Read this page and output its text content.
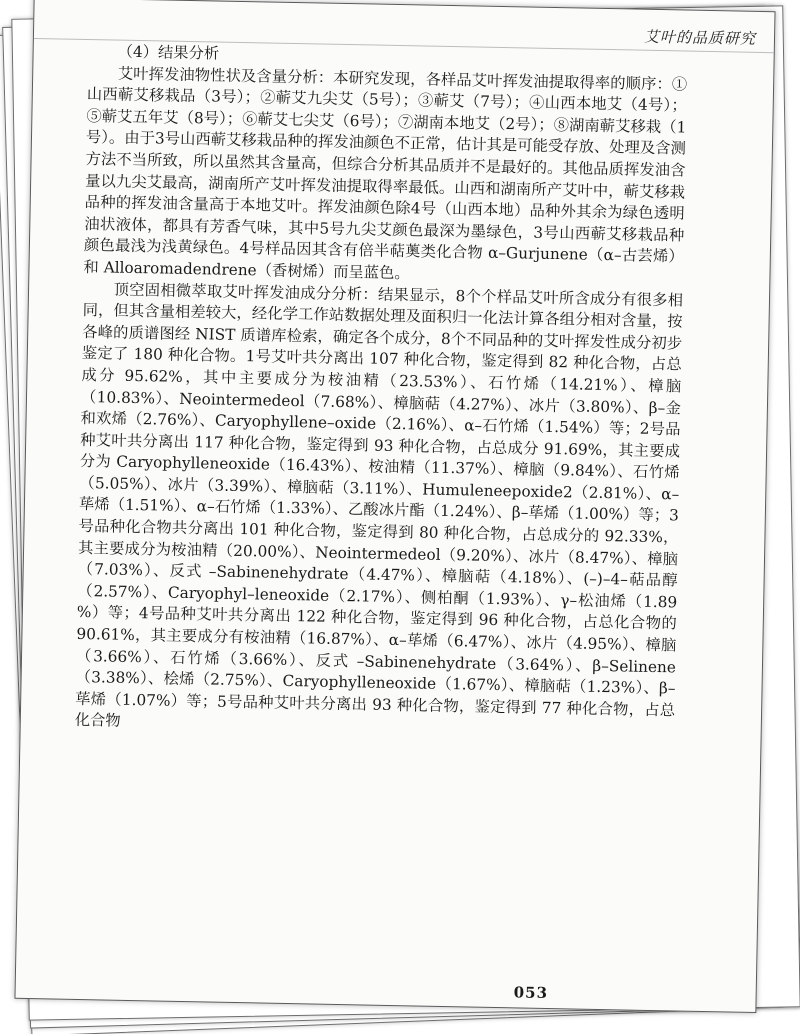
艾叶的品质研究
（4）结果分析

艾叶挥发油物性状及含量分析：本研究发现，各样品艾叶挥发油提取得率的顺序：①山西蕲艾移栽品（3号）；②蕲艾九尖艾（5号）；③蕲艾（7号）；④山西本地艾（4号）；⑤蕲艾五年艾（8号）；⑥蕲艾七尖艾（6号）；⑦湖南本地艾（2号）；⑧湖南蕲艾移栽（1号）。由于3号山西蕲艾移栽品种的挥发油颜色不正常，估计其是可能受存放、处理及含测方法不当所致，所以虽然其含量高，但综合分析其品质并不是最好的。其他品质挥发油含量以九尖艾最高，湖南所产艾叶挥发油提取得率最低。山西和湖南所产艾叶中，蕲艾移栽品种的挥发油含量高于本地艾叶。挥发油颜色除4号（山西本地）品种外其余为绿色透明油状液体，都具有芳香气味，其中5号九尖艾颜色最深为墨绿色，3号山西蕲艾移栽品种颜色最浅为浅黄绿色。4号样品因其含有倍半萜薁类化合物 α–Gurjunene（α–古芸烯）和 Alloaromadendrene（香树烯）而呈蓝色。

顶空固相微萃取艾叶挥发油成分分析：结果显示，8个个样品艾叶所含成分有很多相同，但其含量相差较大，经化学工作站数据处理及面积归一化法计算各组分相对含量，按各峰的质谱图经 NIST 质谱库检索，确定各个成分，8个不同品种的艾叶挥发性成分初步鉴定了 180 种化合物。1号艾叶共分离出 107 种化合物，鉴定得到 82 种化合物，占总成分 95.62%，其中主要成分为桉油精（23.53%）、石竹烯（14.21%）、樟脑（10.83%）、Neointermedeol（7.68%）、樟脑萜（4.27%）、冰片（3.80%）、β–金和欢烯（2.76%）、Caryophyllene–oxide（2.16%）、α–石竹烯（1.54%）等；2号品种艾叶共分离出 117 种化合物，鉴定得到 93 种化合物，占总成分 91.69%，其主要成分为 Caryophylleneoxide（16.43%）、桉油精（11.37%）、樟脑（9.84%）、石竹烯（5.05%）、冰片（3.39%）、樟脑萜（3.11%）、Humuleneepoxide2（2.81%）、α–荜烯（1.51%）、α–石竹烯（1.33%）、乙酸冰片酯（1.24%）、β–荜烯（1.00%）等；3号品种化合物共分离出 101 种化合物，鉴定得到 80 种化合物，占总成分的 92.33%，其主要成分为桉油精（20.00%）、Neointermedeol（9.20%）、冰片（8.47%）、樟脑（7.03%）、反式 –Sabinenehydrate（4.47%）、樟脑萜（4.18%）、(–)–4–萜品醇（2.57%）、Caryophyl–leneoxide（2.17%）、侧柏酮（1.93%）、γ–松油烯（1.89 %）等；4号品种艾叶共分离出 122 种化合物，鉴定得到 96 种化合物，占总化合物的 90.61%，其主要成分有桉油精（16.87%）、α–荜烯（6.47%）、冰片（4.95%）、樟脑（3.66%）、石竹烯（3.66%）、反式 –Sabinenehydrate（3.64%）、β–Selinene（3.38%）、桧烯（2.75%）、Caryophylleneoxide（1.67%）、樟脑萜（1.23%）、β–荜烯（1.07%）等；5号品种艾叶共分离出 93 种化合物，鉴定得到 77 种化合物，占总化合物

053
